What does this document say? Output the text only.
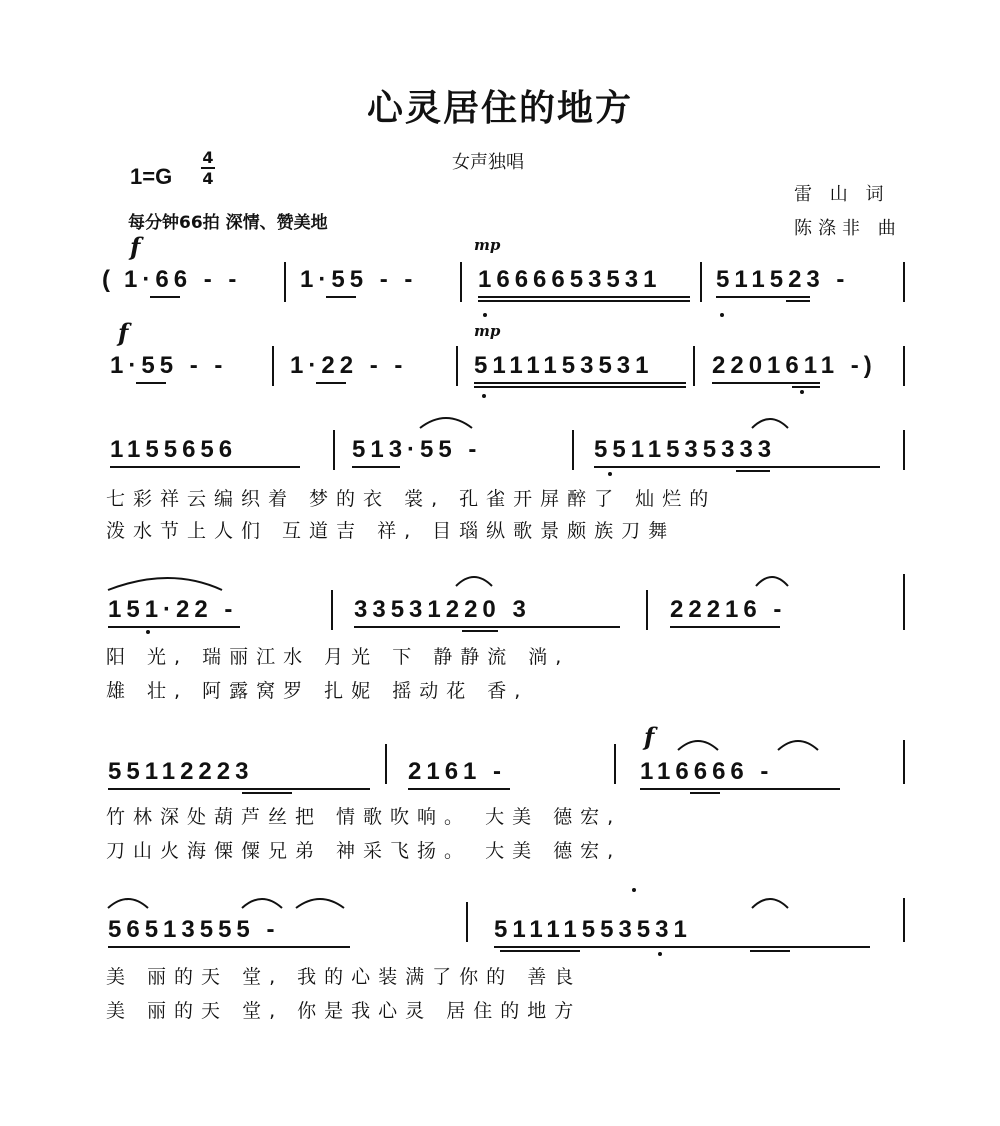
心灵居住的地方
女声独唱
1=G
4
4
每分钟66拍 深情、赞美地
雷 山 词
陈涤非 曲
f	mp
( 1·66 - - 1·55 - -	1666653531 511523 -
f	mp
1·55 - -	1·22 - -	5111153531 2201611 -)
1155656	513·55 -	5511535333
七彩祥云编织着 梦的衣 裳, 孔雀开屏醉了 灿烂的
泼水节上人们 互道吉 祥, 目瑙纵歌景颇族刀舞
151·22 -	33531220 3	22216 -
阳 光, 瑞丽江水 月光 下 静静流 淌,
雄 壮, 阿露窝罗 扎妮 摇动花 香,
f
55112223	2161 -	116666 -
竹林深处葫芦丝把 情歌吹响。 大美 德宏,
刀山火海傈僳兄弟 神采飞扬。 大美 德宏,
56513555 -	51111553531
美 丽的天 堂, 我的心装满了你的 善良
美 丽的天 堂, 你是我心灵 居住的地方
